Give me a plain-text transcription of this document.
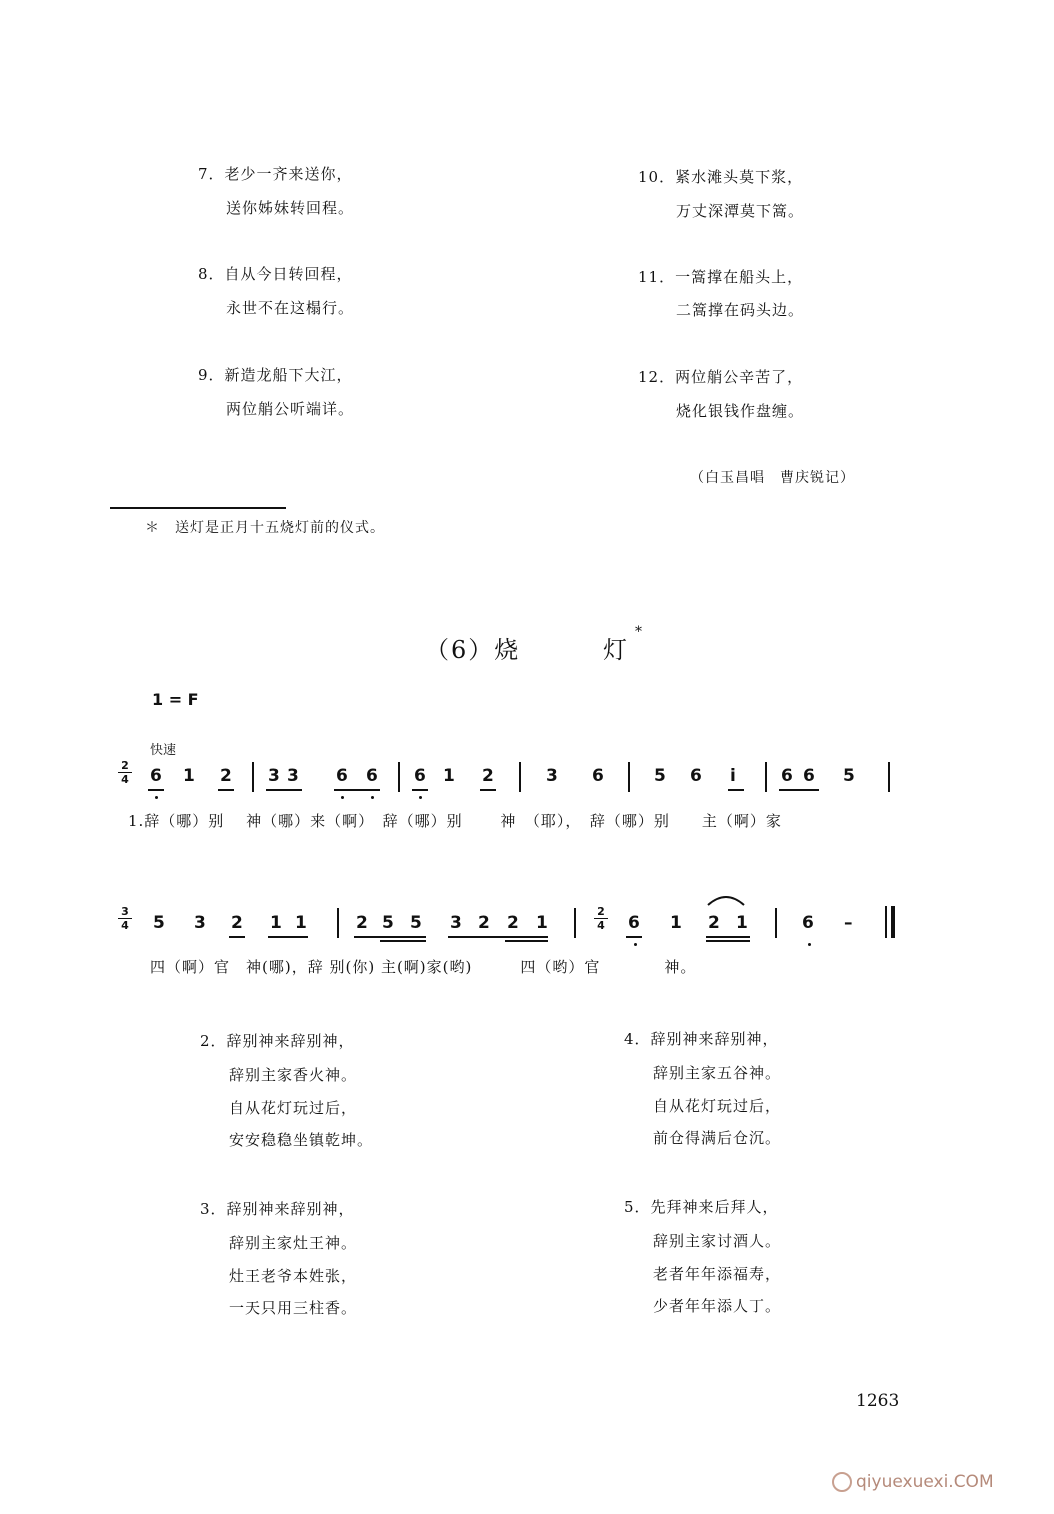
7．老少一齐来送你，
送你姊妹转回程。
8．自从今日转回程，
永世不在这榻行。
9．新造龙船下大江，
两位艄公听端详。
10．紧水滩头莫下浆，
万丈深潭莫下篙。
11．一篙撑在船头上，
二篙撑在码头边。
12．两位艄公辛苦了，
烧化银钱作盘缠。
（白玉昌唱　曹庆锐记）
＊　送灯是正月十五烧灯前的仪式。
（6）烧	灯
*
1 = F
快速
2
4 6 1 2 3 3 6 6 6 1 2	3 6	5 6 i	6 6 5
1.辞（哪）别　 神（哪）来（啊）　辞（哪）别　　 神　（耶），　辞（哪）别　　主（啊）家
3
4
2
4
5 3 2 1 1	2 5 5 3 2 2 1	6 1 2 1	6 –
四（啊）官　神(哪)，辞 别(你) 主(啊)家(哟)　　　四（哟）官　　　　神。
2．辞别神来辞别神，
辞别主家香火神。
自从花灯玩过后，
安安稳稳坐镇乾坤。
3．辞别神来辞别神，
辞别主家灶王神。
灶王老爷本姓张，
一天只用三柱香。
4．辞别神来辞别神，
辞别主家五谷神。
自从花灯玩过后，
前仓得满后仓沉。
5．先拜神来后拜人，
辞别主家讨酒人。
老者年年添福寿，
少者年年添人丁。
1263
qiyuexuexi.COM
